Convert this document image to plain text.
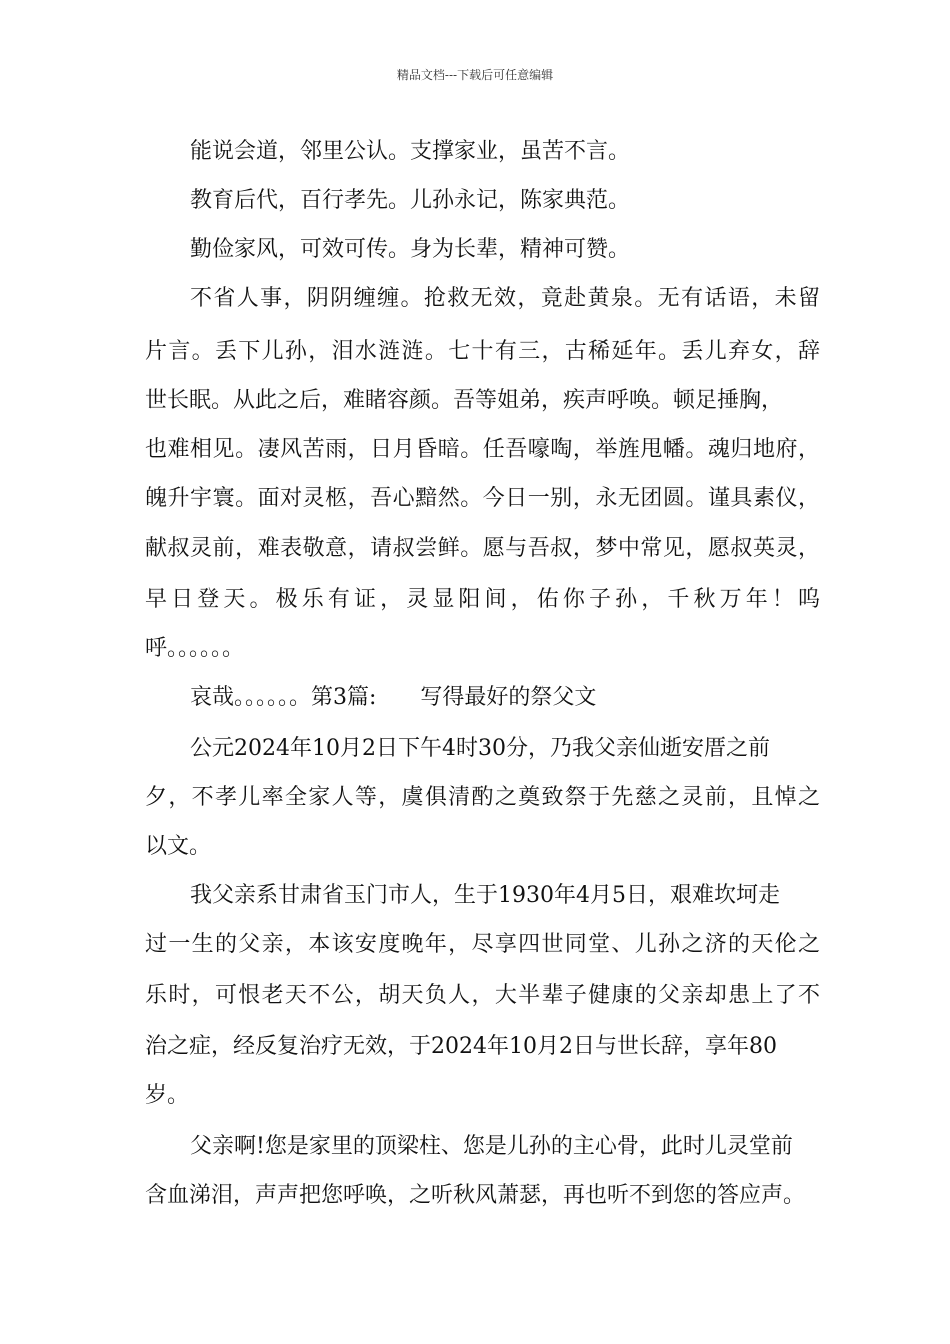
精品文档---下载后可任意编辑
能说会道，邻里公认。支撑家业，虽苦不言。
教育后代，百行孝先。儿孙永记，陈家典范。
勤俭家风，可效可传。身为长辈，精神可赞。
不省人事，阴阴缠缠。抢救无效，竟赴黄泉。无有话语，未留
片言。丢下儿孙，泪水涟涟。七十有三，古稀延年。丢儿弃女，辞
世长眠。从此之后，难睹容颜。吾等姐弟，疾声呼唤。顿足捶胸，
也难相见。凄风苦雨，日月昏暗。任吾嚎啕，举旌甩幡。魂归地府，
魄升宇寰。面对灵柩，吾心黯然。今日一别，永无团圆。谨具素仪，
献叔灵前，难表敬意，请叔尝鲜。愿与吾叔，梦中常见，愿叔英灵，
早日登天。极乐有证，灵显阳间，佑你子孙，千秋万年！呜
呼。。。。。。
哀哉。。。。。。第3篇:　　写得最好的祭父文
公元2024年10月2日下午4时30分，乃我父亲仙逝安厝之前
夕，不孝儿率全家人等，虞俱清酌之奠致祭于先慈之灵前，且悼之
以文。
我父亲系甘肃省玉门市人，生于1930年4月5日，艰难坎坷走
过一生的父亲，本该安度晚年，尽享四世同堂、儿孙之济的天伦之
乐时，可恨老天不公，胡天负人，大半辈子健康的父亲却患上了不
治之症，经反复治疗无效，于2024年10月2日与世长辞，享年80
岁。
父亲啊!您是家里的顶梁柱、您是儿孙的主心骨，此时儿灵堂前
含血涕泪，声声把您呼唤，之听秋风萧瑟，再也听不到您的答应声。
